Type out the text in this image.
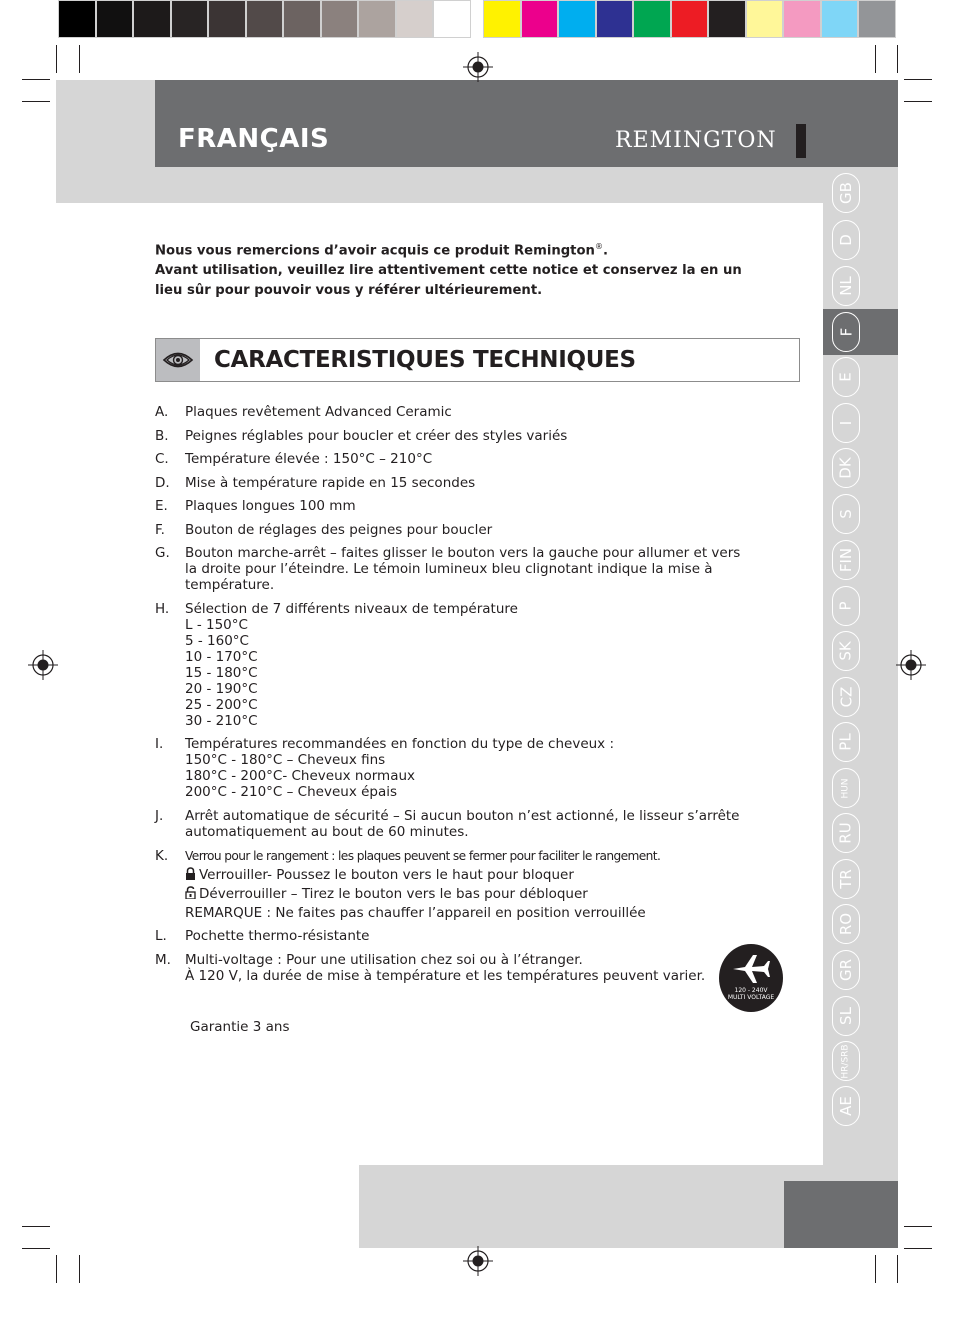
FRANÇAIS	REMINGTON
Nous vous remercions d’avoir acquis ce produit Remington®.
Avant utilisation, veuillez lire attentivement cette notice et conservez la en un
lieu sûr pour pouvoir vous y référer ultérieurement.
CARACTERISTIQUES TECHNIQUES
A.	Plaques revêtement Advanced Ceramic
B.	Peignes réglables pour boucler et créer des styles variés
C.	Température élevée : 150°C – 210°C
D.	Mise à température rapide en 15 secondes
E.	Plaques longues 100 mm
F.	Bouton de réglages des peignes pour boucler
G.	Bouton marche-arrêt – faites glisser le bouton vers la gauche pour allumer et vers
la droite pour l’éteindre. Le témoin lumineux bleu clignotant indique la mise à
température.
H.	Sélection de 7 différents niveaux de température
L - 150°C
5 - 160°C
10 - 170°C
15 - 180°C
20 - 190°C
25 - 200°C
30 - 210°C
I.	Températures recommandées en fonction du type de cheveux :
150°C - 180°C – Cheveux fins
180°C - 200°C- Cheveux normaux
200°C - 210°C – Cheveux épais
J.	Arrêt automatique de sécurité – Si aucun bouton n’est actionné, le lisseur s’arrête
automatiquement au bout de 60 minutes.
K.	Verrou pour le rangement : les plaques peuvent se fermer pour faciliter le rangement.
Verrouiller- Poussez le bouton vers le haut pour bloquer
Déverrouiller – Tirez le bouton vers le bas pour débloquer
REMARQUE : Ne faites pas chauffer l’appareil en position verrouillée
L.	Pochette thermo-résistante
M.	Multi-voltage : Pour une utilisation chez soi ou à l’étranger.
À 120 V, la durée de mise à température et les températures peuvent varier.
Garantie 3 ans
120 - 240V
MULTI VOLTAGE
GB
D
NL
F
E
I
DK
S
FIN
P
SK
CZ
PL
HUN
RU
TR
RO
GR
SL
HR/SRB
AE
